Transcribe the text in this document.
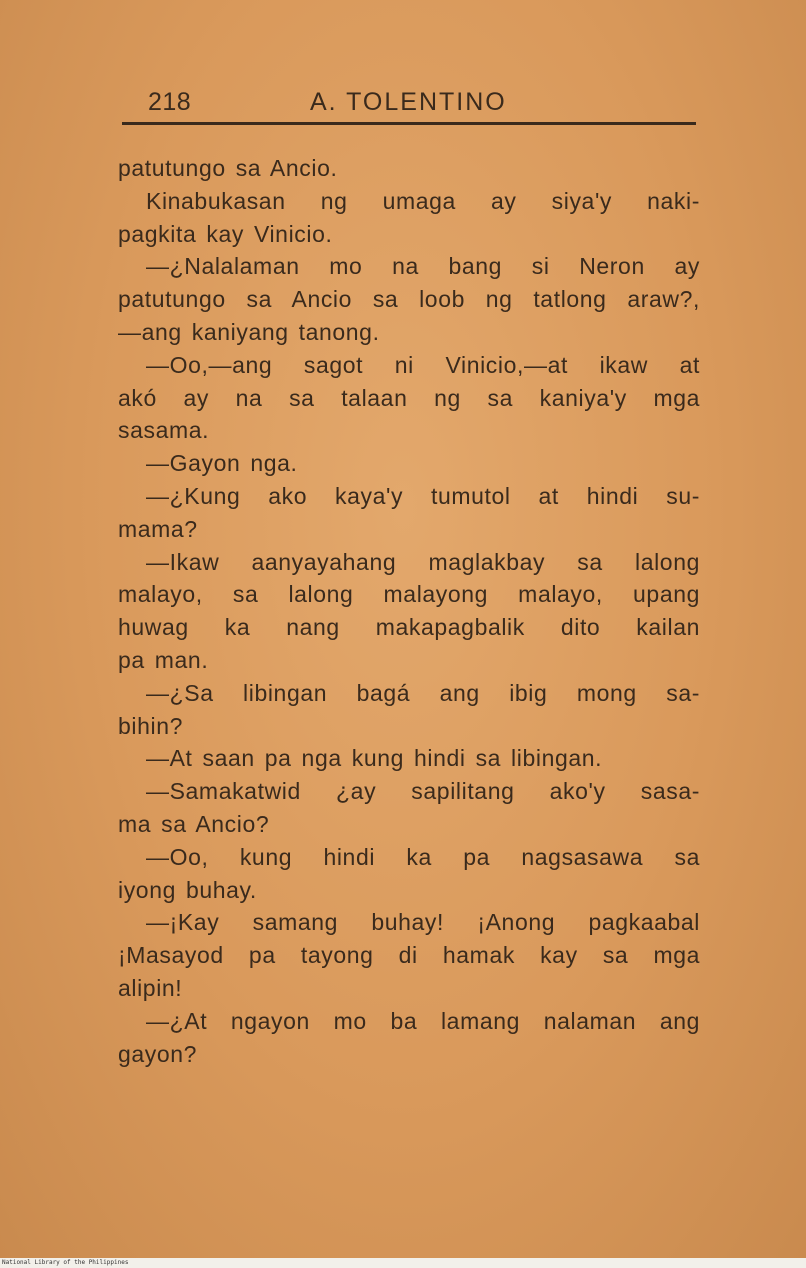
218	A. TOLENTINO
patutungo sa Ancio.
Kinabukasan ng umaga ay siya'y naki-
pagkita kay Vinicio.
—¿Nalalaman mo na bang si Neron ay
patutungo sa Ancio sa loob ng tatlong araw?,
—ang kaniyang tanong.
—Oo,—ang sagot ni Vinicio,—at ikaw at
akó ay na sa talaan ng sa kaniya'y mga
sasama.
—Gayon nga.
—¿Kung ako kaya'y tumutol at hindi su-
mama?
—Ikaw aanyayahang maglakbay sa lalong
malayo, sa lalong malayong malayo, upang
huwag ka nang makapagbalik dito kailan
pa man.
—¿Sa libingan bagá ang ibig mong sa-
bihin?
—At saan pa nga kung hindi sa libingan.
—Samakatwid ¿ay sapilitang ako'y sasa-
ma sa Ancio?
—Oo, kung hindi ka pa nagsasawa sa
iyong buhay.
—¡Kay samang buhay! ¡Anong pagkaabal
¡Masayod pa tayong di hamak kay sa mga
alipin!
—¿At ngayon mo ba lamang nalaman ang
gayon?
National Library of the Philippines
